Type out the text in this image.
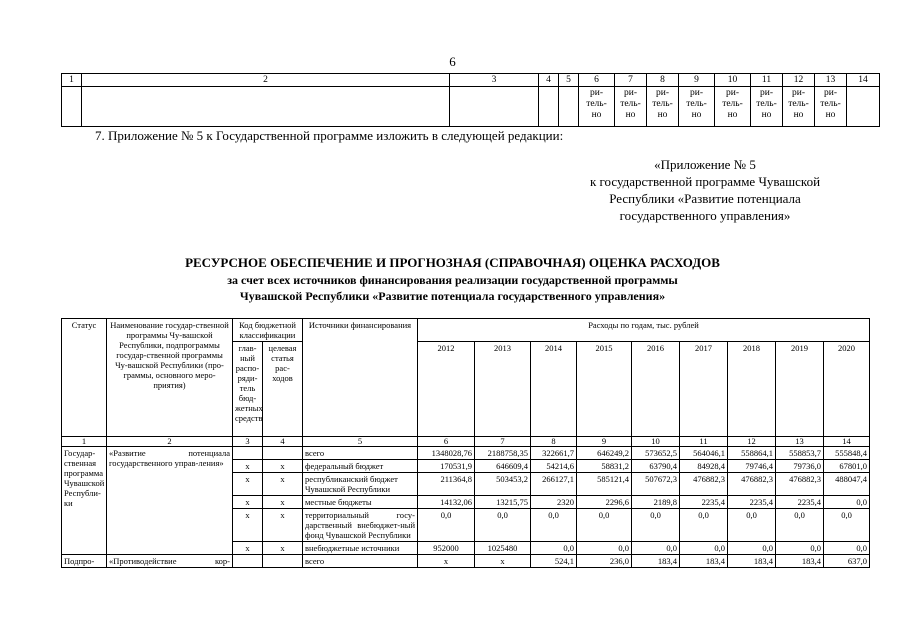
6
1	2	3	4	5	6	7	8	9	10	11	12	13	14
					ри-
тель-
но	ри-
тель-
но	ри-
тель-
но	ри-
тель-
но	ри-
тель-
но	ри-
тель-
но	ри-
тель-
но	ри-
тель-
но	
7. Приложение № 5 к Государственной программе изложить в следующей редакции:
«Приложение № 5
к государственной программе Чувашской
Республики «Развитие потенциала
государственного управления»
РЕСУРСНОЕ ОБЕСПЕЧЕНИЕ И ПРОГНОЗНАЯ (СПРАВОЧНАЯ) ОЦЕНКА РАСХОДОВ
за счет всех источников финансирования реализации государственной программы
Чувашской Республики «Развитие потенциала государственного управления»
Статус	Наименование государ-ственной программы Чу-вашской Республики, подпрограммы государ-ственной программы Чу-вашской Республики (про-граммы, основного меро-приятия)	Код бюджетной классификации		Источники финансирования	Расходы по годам, тыс. рублей								
		глав-ный распо-ряди-тель бюд-жетных средств	целевая статья рас-ходов		2012	2013	2014	2015	2016	2017	2018	2019	2020
1	2	3	4	5	6	7	8	9	10	11	12	13	14
Государ-ственная программа Чувашской Республи-ки	«Развитие потенциала
государственного управ-ления»			всего	1348028,76	2188758,35	322661,7	646249,2	573652,5	564046,1	558864,1	558853,7	555848,4
		x	x	федеральный бюджет	170531,9	646609,4	54214,6	58831,2	63790,4	84928,4	79746,4	79736,0	67801,0
		x	x	республиканский бюджет Чувашской Республики	211364,8	503453,2	266127,1	585121,4	507672,3	476882,3	476882,3	476882,3	488047,4
		x	x	местные бюджеты	14132,06	13215,75	2320	2296,6	2189,8	2235,4	2235,4	2235,4	0,0
		x	x	территориальный госу-дарственный внебюджет-ный фонд Чувашской Республики	0,0	0,0	0,0	0,0	0,0	0,0	0,0	0,0	0,0
		x	x	внебюджетные источники	952000	1025480	0,0	0,0	0,0	0,0	0,0	0,0	0,0
Подпро-	«Противодействие кор-			всего	x	x	524,1	236,0	183,4	183,4	183,4	183,4	637,0
